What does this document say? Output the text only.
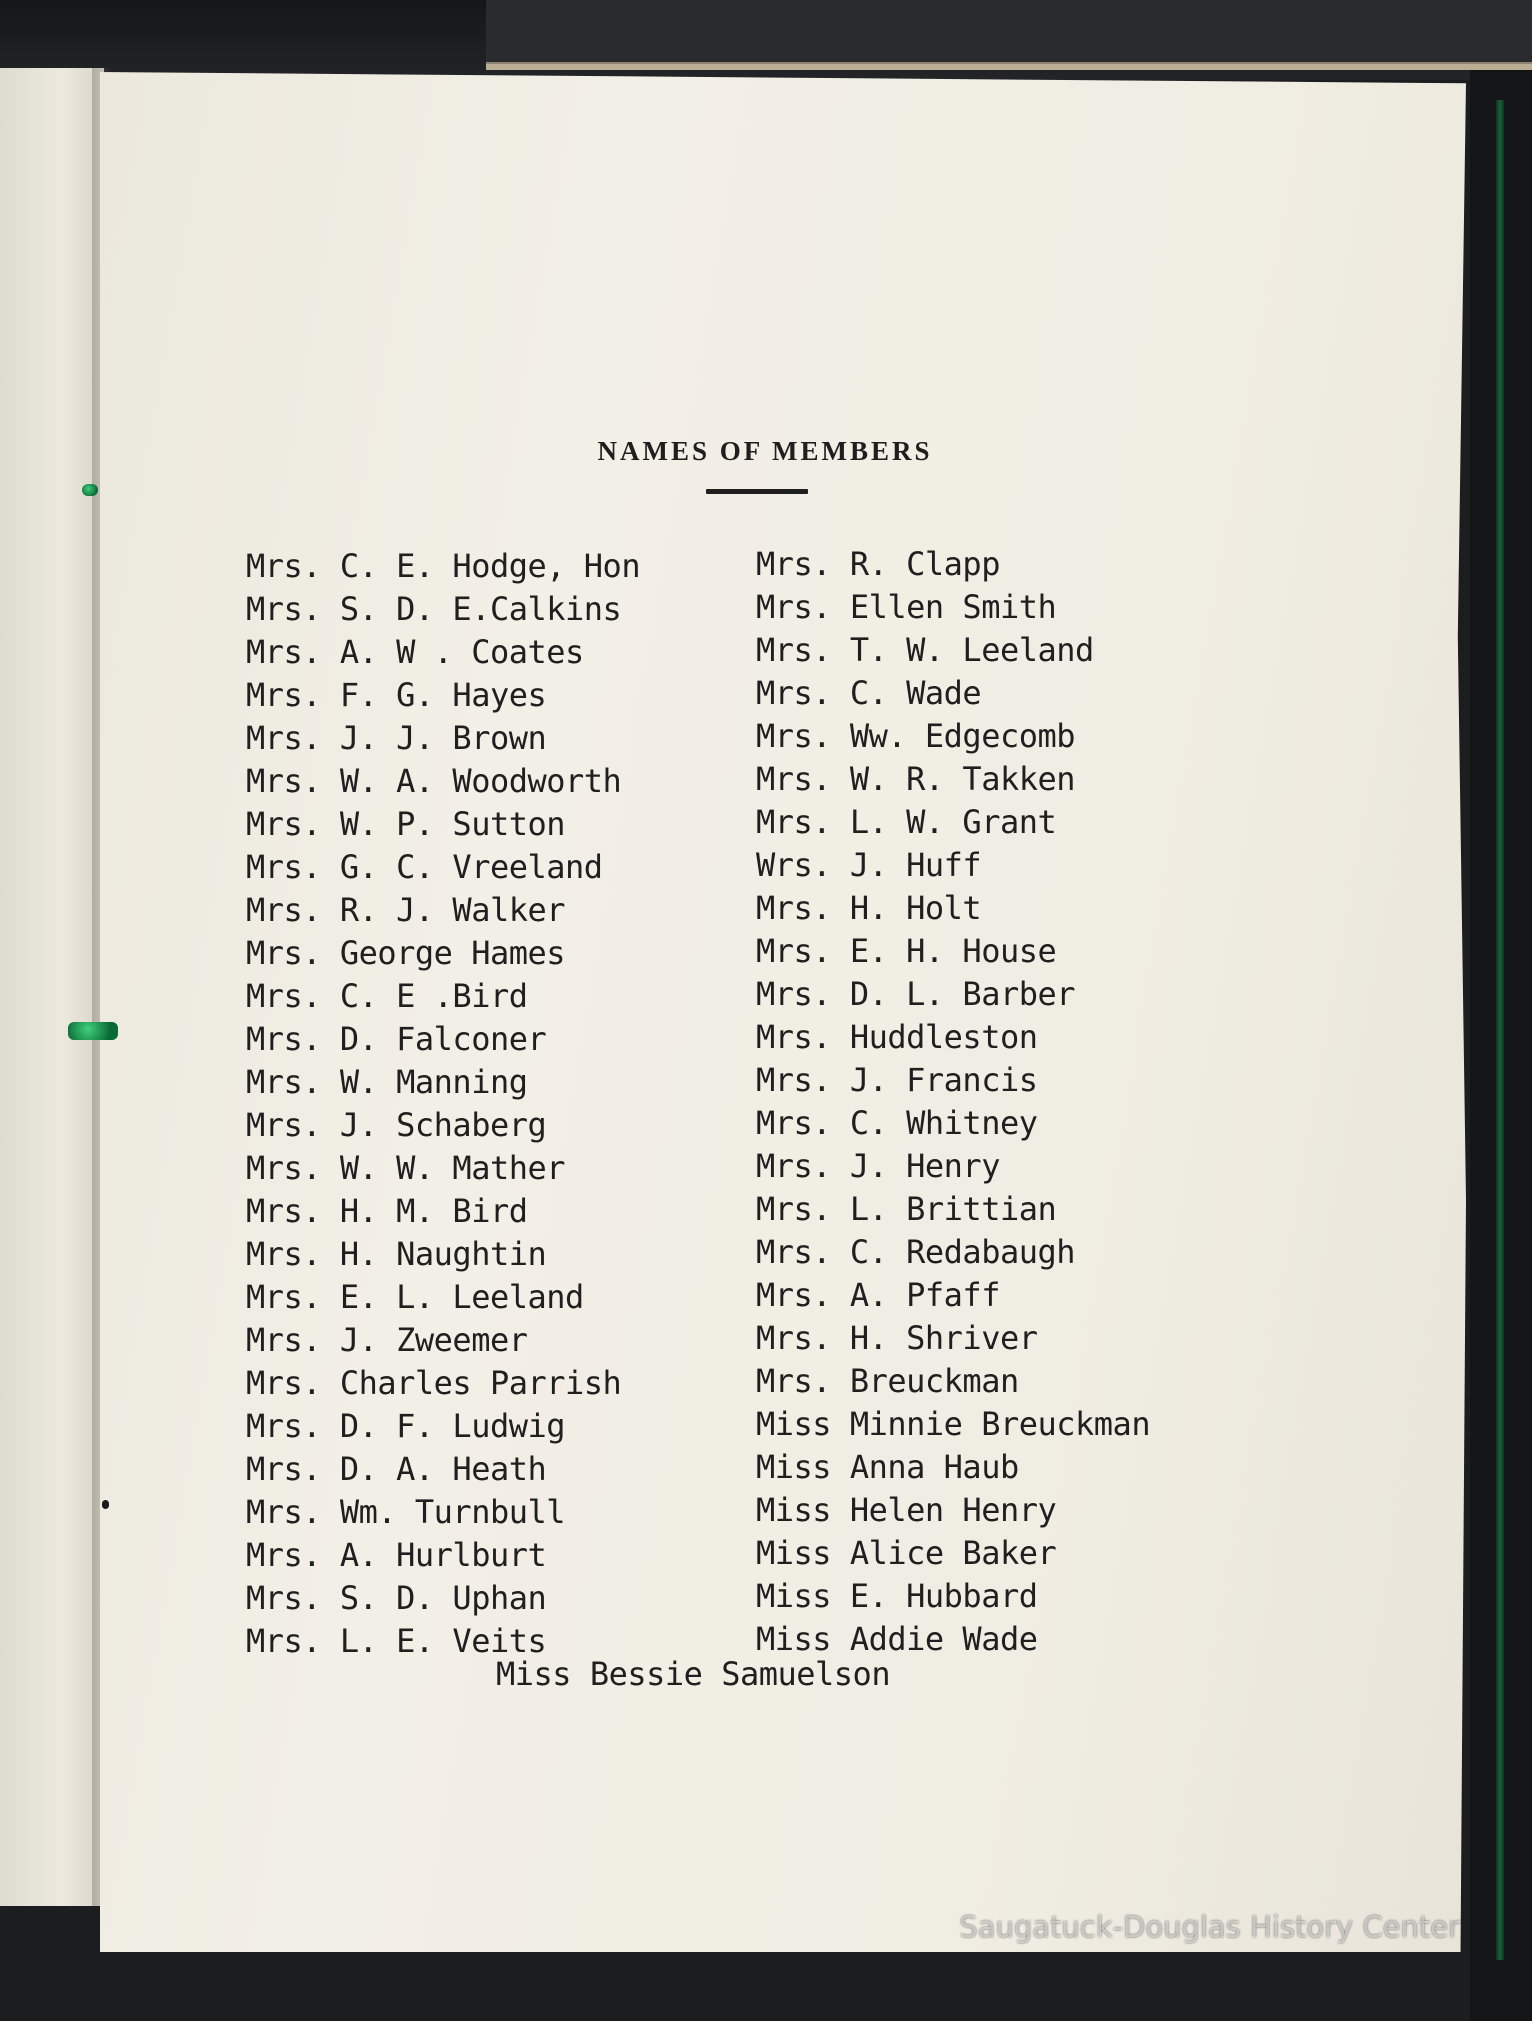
NAMES OF MEMBERS
Mrs. C. E. Hodge, Hon
Mrs. S. D. E.Calkins
Mrs. A. W . Coates
Mrs. F. G. Hayes
Mrs. J. J. Brown
Mrs. W. A. Woodworth
Mrs. W. P. Sutton
Mrs. G. C. Vreeland
Mrs. R. J. Walker
Mrs. George Hames
Mrs. C. E .Bird
Mrs. D. Falconer
Mrs. W. Manning
Mrs. J. Schaberg
Mrs. W. W. Mather
Mrs. H. M. Bird
Mrs. H. Naughtin
Mrs. E. L. Leeland
Mrs. J. Zweemer
Mrs. Charles Parrish
Mrs. D. F. Ludwig
Mrs. D. A. Heath
Mrs. Wm. Turnbull
Mrs. A. Hurlburt
Mrs. S. D. Uphan
Mrs. L. E. Veits
Mrs. R. Clapp
Mrs. Ellen Smith
Mrs. T. W. Leeland
Mrs. C. Wade
Mrs. Ww. Edgecomb
Mrs. W. R. Takken
Mrs. L. W. Grant
Wrs. J. Huff
Mrs. H. Holt
Mrs. E. H. House
Mrs. D. L. Barber
Mrs. Huddleston
Mrs. J. Francis
Mrs. C. Whitney
Mrs. J. Henry
Mrs. L. Brittian
Mrs. C. Redabaugh
Mrs. A. Pfaff
Mrs. H. Shriver
Mrs. Breuckman
Miss Minnie Breuckman
Miss Anna Haub
Miss Helen Henry
Miss Alice Baker
Miss E. Hubbard
Miss Addie Wade
Miss Bessie Samuelson
Saugatuck-Douglas History Center
